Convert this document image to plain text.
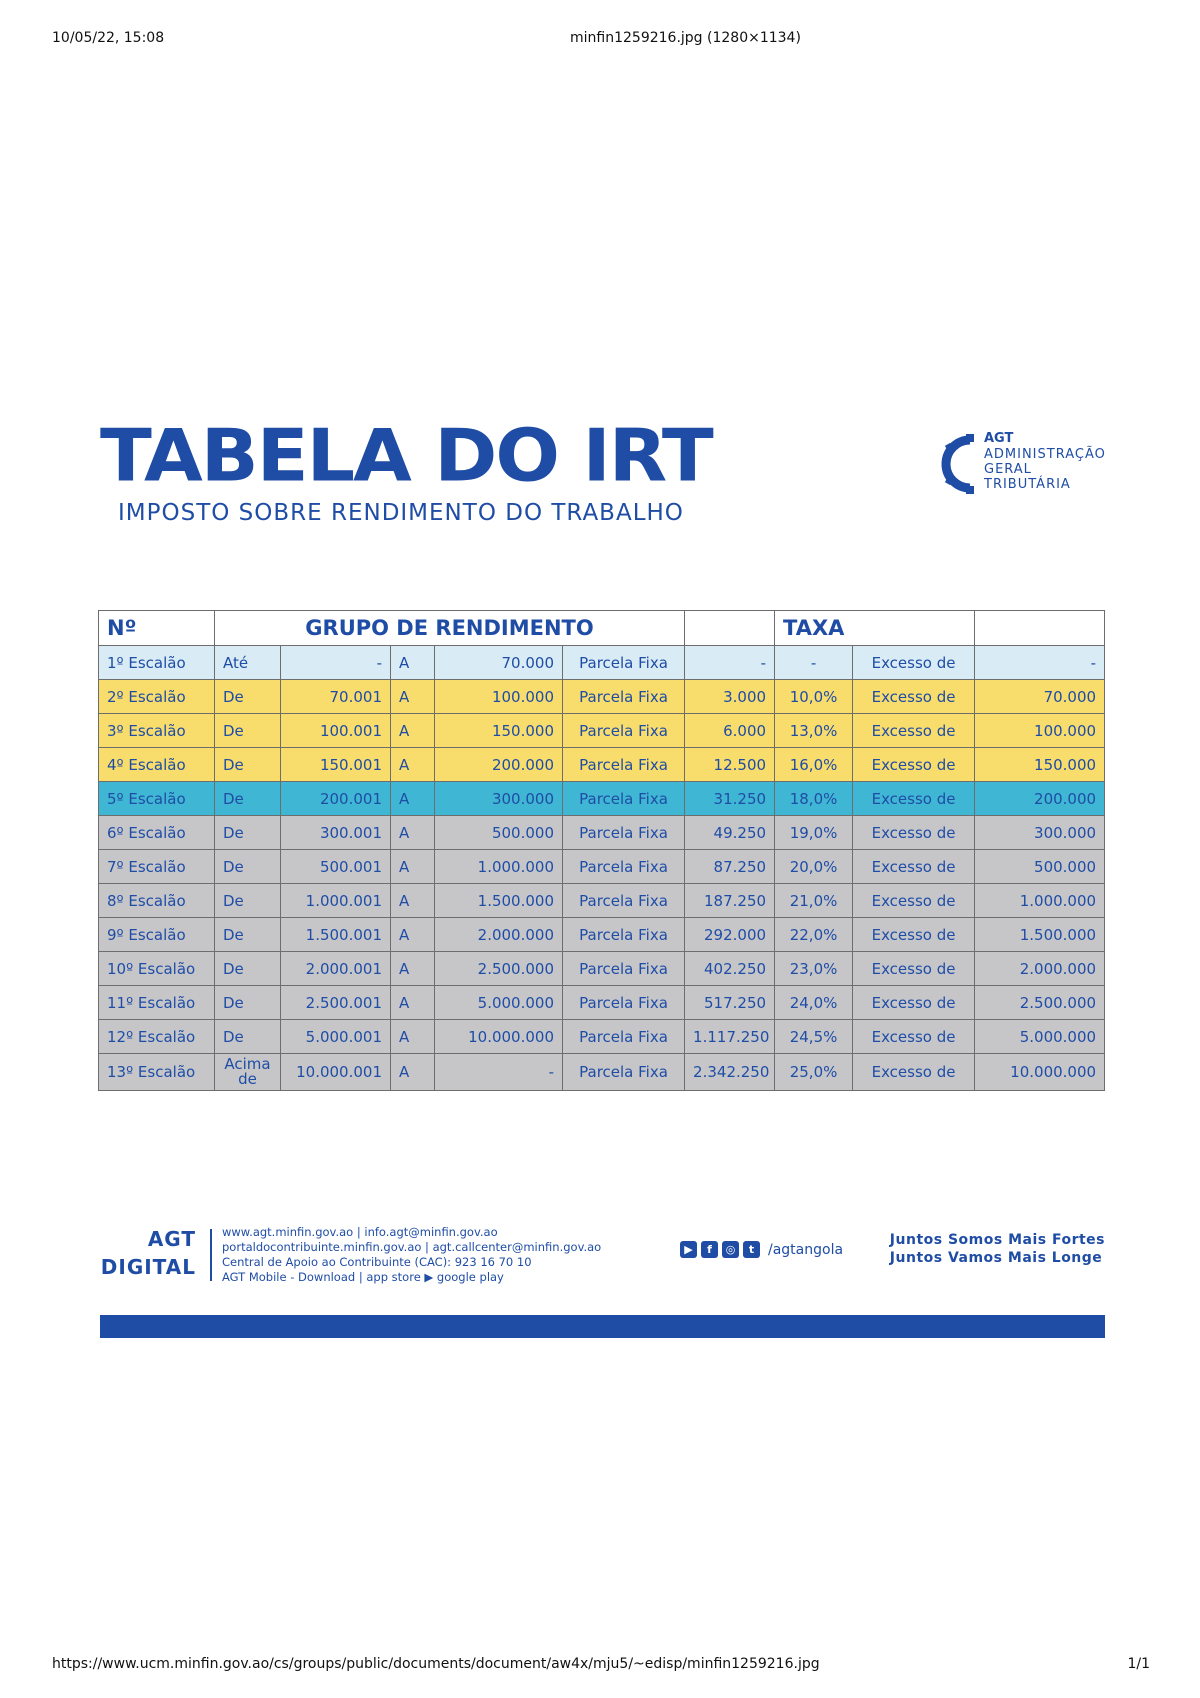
10/05/22, 15:08	minfin1259216.jpg (1280×1134)
TABELA DO IRT
IMPOSTO SOBRE RENDIMENTO DO TRABALHO
AGT
ADMINISTRAÇÃO
GERAL
TRIBUTÁRIA
Nº	GRUPO DE RENDIMENTO						TAXA		
1º Escalão	Até	-	A	70.000	Parcela Fixa	-	-	Excesso de	-
2º Escalão	De	70.001	A	100.000	Parcela Fixa	3.000	10,0%	Excesso de	70.000
3º Escalão	De	100.001	A	150.000	Parcela Fixa	6.000	13,0%	Excesso de	100.000
4º Escalão	De	150.001	A	200.000	Parcela Fixa	12.500	16,0%	Excesso de	150.000
5º Escalão	De	200.001	A	300.000	Parcela Fixa	31.250	18,0%	Excesso de	200.000
6º Escalão	De	300.001	A	500.000	Parcela Fixa	49.250	19,0%	Excesso de	300.000
7º Escalão	De	500.001	A	1.000.000	Parcela Fixa	87.250	20,0%	Excesso de	500.000
8º Escalão	De	1.000.001	A	1.500.000	Parcela Fixa	187.250	21,0%	Excesso de	1.000.000
9º Escalão	De	1.500.001	A	2.000.000	Parcela Fixa	292.000	22,0%	Excesso de	1.500.000
10º Escalão	De	2.000.001	A	2.500.000	Parcela Fixa	402.250	23,0%	Excesso de	2.000.000
11º Escalão	De	2.500.001	A	5.000.000	Parcela Fixa	517.250	24,0%	Excesso de	2.500.000
12º Escalão	De	5.000.001	A	10.000.000	Parcela Fixa	1.117.250	24,5%	Excesso de	5.000.000
13º Escalão	Acima de	10.000.001	A	-	Parcela Fixa	2.342.250	25,0%	Excesso de	10.000.000
AGT
DIGITAL
www.agt.minfin.gov.ao | info.agt@minfin.gov.ao
portaldocontribuinte.minfin.gov.ao | agt.callcenter@minfin.gov.ao
Central de Apoio ao Contribuinte (CAC): 923 16 70 10
AGT Mobile - Download | app store ▶ google play
▶	f	◎	t /agtangola
Juntos Somos Mais Fortes
Juntos Vamos Mais Longe
https://www.ucm.minfin.gov.ao/cs/groups/public/documents/document/aw4x/mju5/~edisp/minfin1259216.jpg	1/1
